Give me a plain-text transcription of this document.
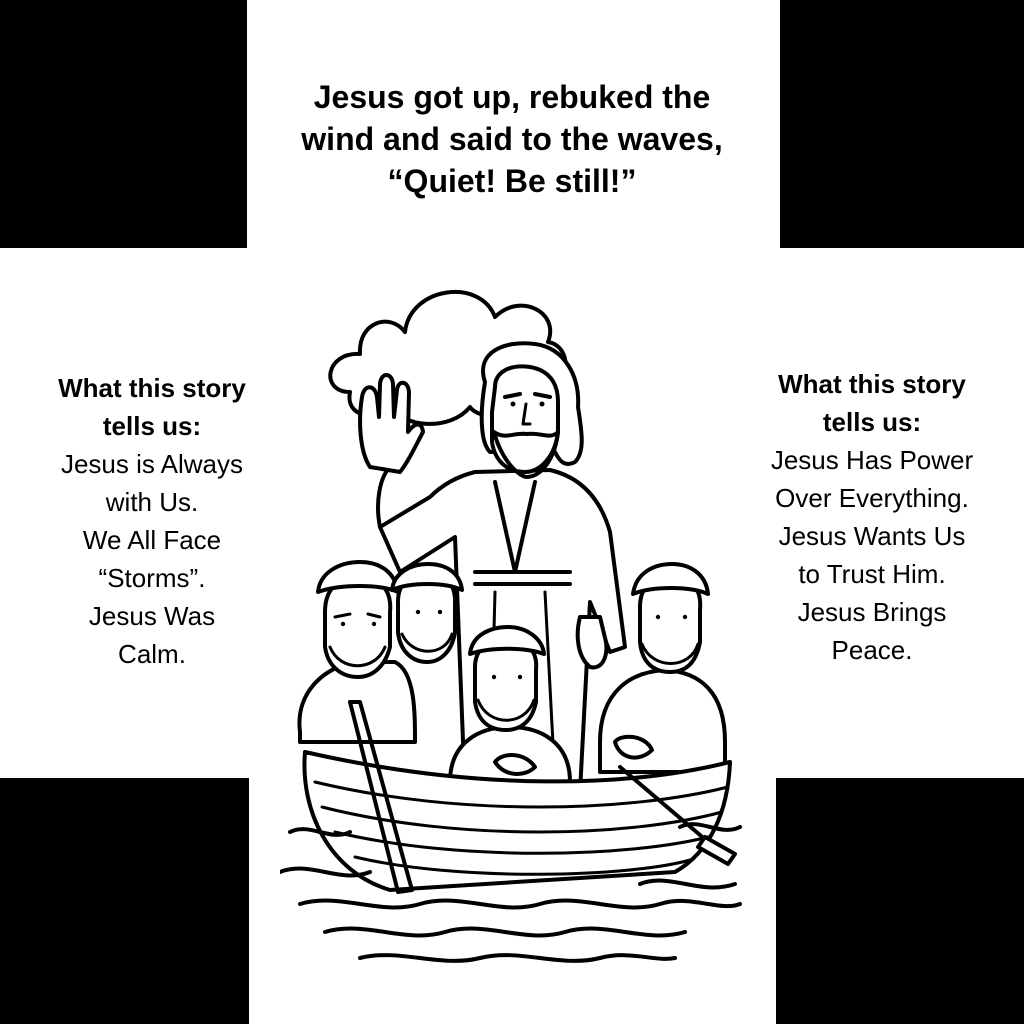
Jesus got up, rebuked the
wind and said to the waves,
“Quiet! Be still!”
What this story
tells us:
Jesus is Always
with Us.
We All Face
“Storms”.
Jesus Was
Calm.
What this story
tells us:
Jesus Has Power
Over Everything.
Jesus Wants Us
to Trust Him.
Jesus Brings
Peace.
